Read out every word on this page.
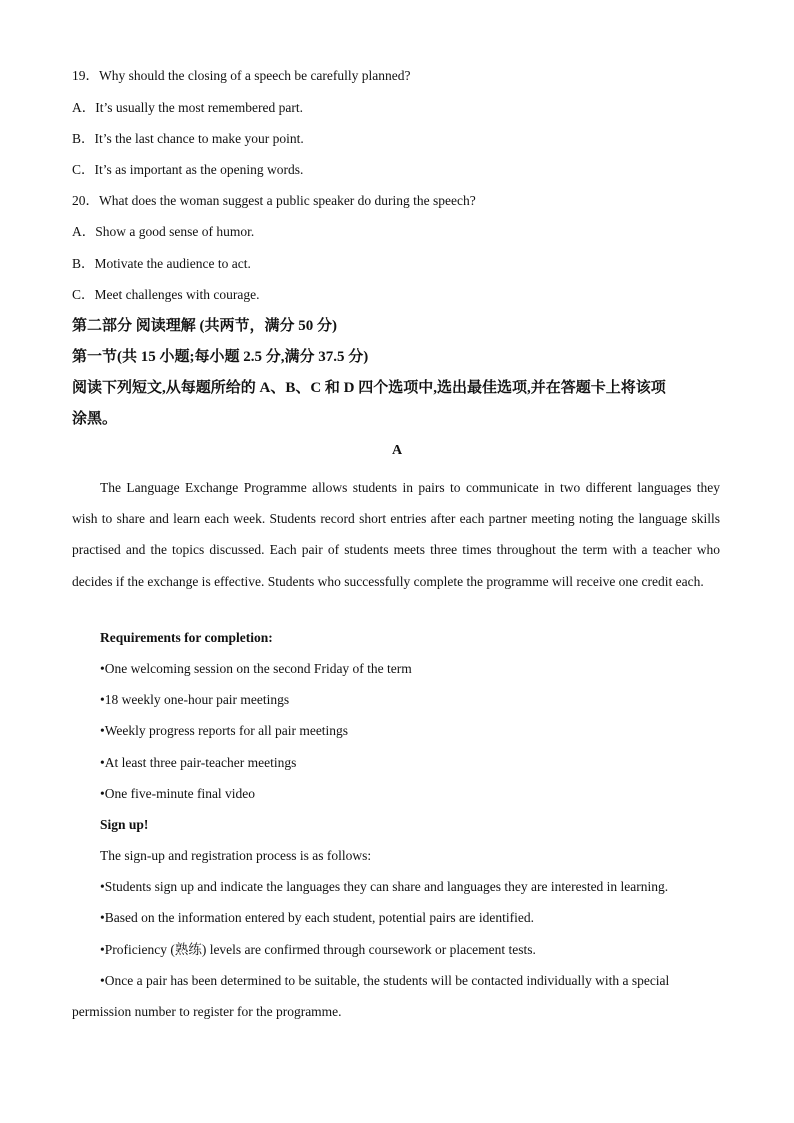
19．Why should the closing of a speech be carefully planned?
A．It’s usually the most remembered part.
B．It’s the last chance to make your point.
C．It’s as important as the opening words.
20．What does the woman suggest a public speaker do during the speech?
A．Show a good sense of humor.
B．Motivate the audience to act.
C．Meet challenges with courage.
第二部分 阅读理解 (共两节，满分 50 分)
第一节(共 15 小题;每小题 2.5 分,满分 37.5 分)
阅读下列短文,从每题所给的 A、B、C 和 D 四个选项中,选出最佳选项,并在答题卡上将该项
涂黑。
A
The Language Exchange Programme allows students in pairs to communicate in two different languages they wish to share and learn each week. Students record short entries after each partner meeting noting the language skills practised and the topics discussed. Each pair of students meets three times throughout the term with a teacher who decides if the exchange is effective. Students who successfully complete the programme will receive one credit each.
Requirements for completion:
•One welcoming session on the second Friday of the term
•18 weekly one-hour pair meetings
•Weekly progress reports for all pair meetings
•At least three pair-teacher meetings
•One five-minute final video
Sign up!
The sign-up and registration process is as follows:
•Students sign up and indicate the languages they can share and languages they are interested in learning.
•Based on the information entered by each student, potential pairs are identified.
•Proficiency (熟练) levels are confirmed through coursework or placement tests.
•Once a pair has been determined to be suitable, the students will be contacted individually with a special
permission number to register for the programme.
